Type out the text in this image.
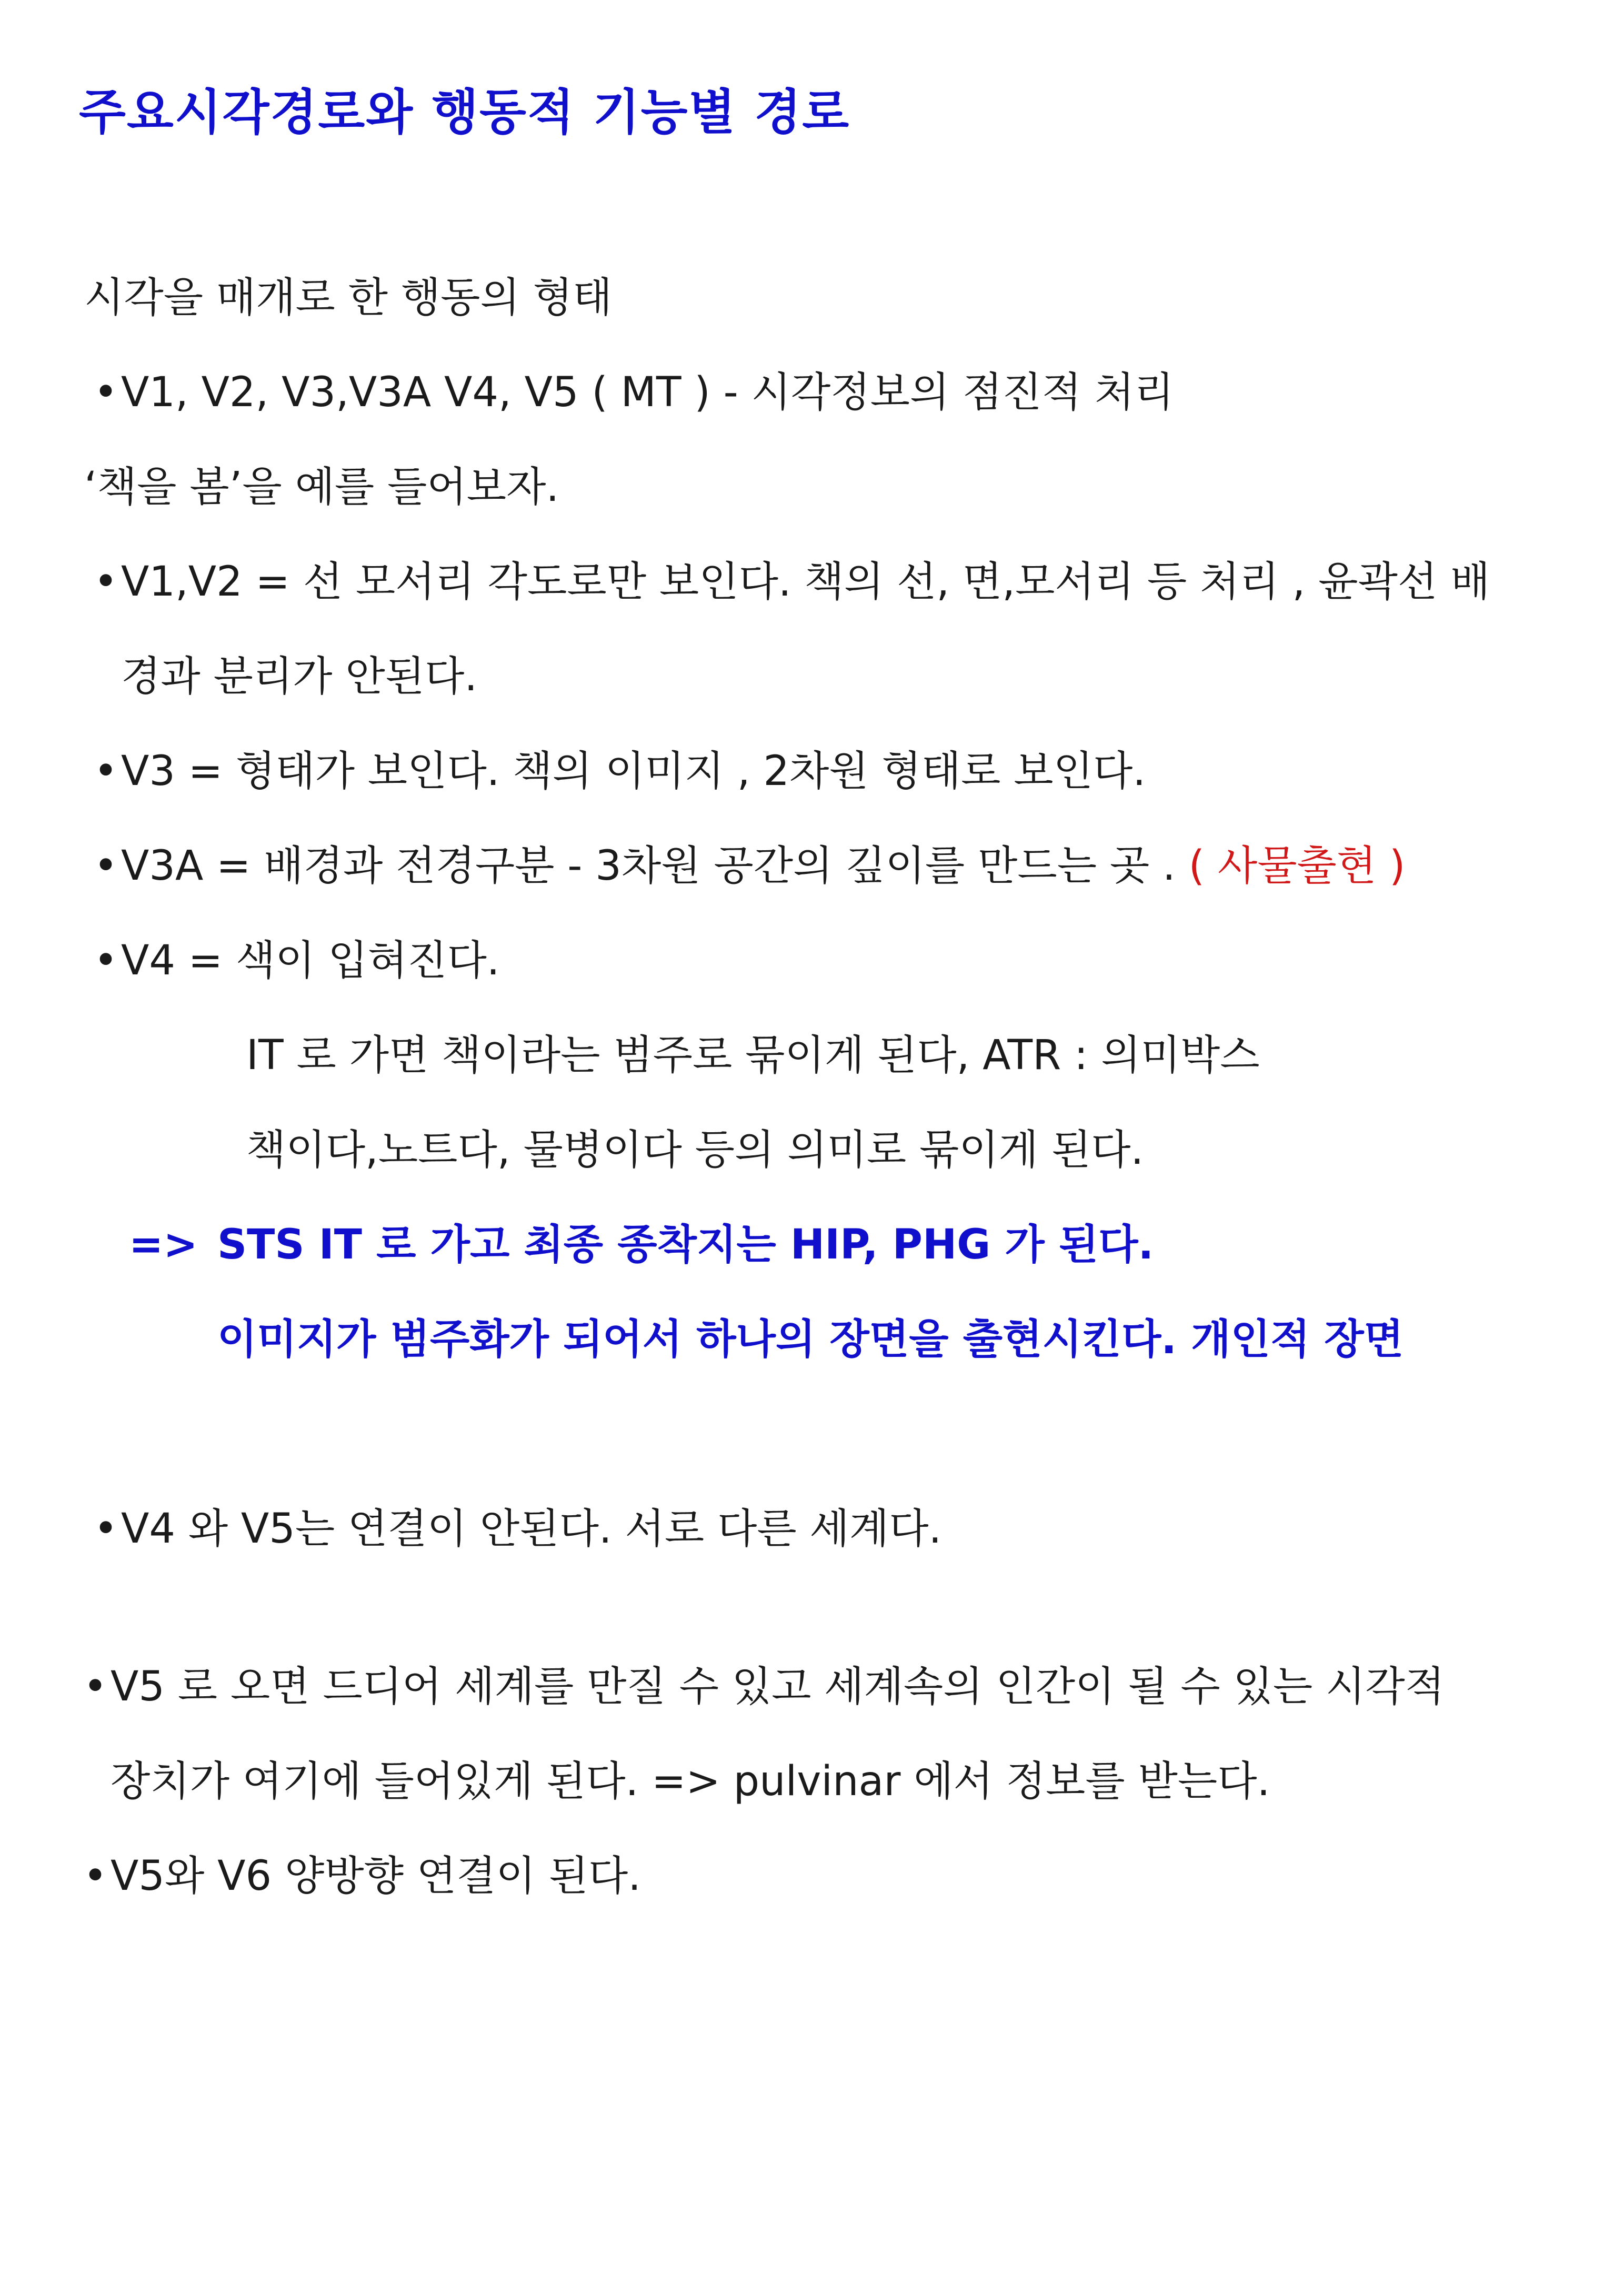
주요시각경로와 행동적 기능별 경로
시각을 매개로 한 행동의 형태
•V1, V2, V3,V3A V4, V5 ( MT ) - 시각정보의 점진적 처리
‘책을 봄’을 예를 들어보자.
•V1,V2 = 선 모서리 각도로만 보인다. 책의 선, 면,모서리 등 처리 , 윤곽선 배
경과 분리가 안된다.
•V3 = 형태가 보인다. 책의 이미지 , 2차원 형태로 보인다.
•V3A = 배경과 전경구분 - 3차원 공간의 깊이를 만드는 곳 . ( 사물출현 )
•V4 = 색이 입혀진다.
IT 로 가면 책이라는 범주로 묶이게 된다, ATR : 의미박스
책이다,노트다, 물병이다 등의 의미로 묶이게 된다.
=> STS IT 로 가고 최종 종착지는 HIP, PHG 가 된다.
이미지가 범주화가 되어서 하나의 장면을 출현시킨다. 개인적 장면
•V4 와 V5는 연결이 안된다. 서로 다른 세계다.
•V5 로 오면 드디어 세계를 만질 수 있고 세계속의 인간이 될 수 있는 시각적
장치가 여기에 들어있게 된다. => pulvinar 에서 정보를 받는다.
•V5와 V6 양방향 연결이 된다.
